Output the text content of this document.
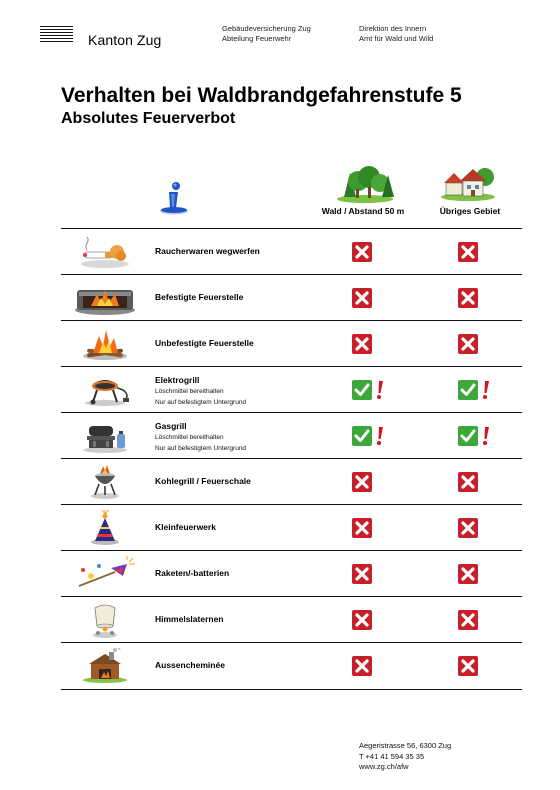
Kanton Zug
Gebäudeversicherung Zug
Abteilung Feuerwehr
Direktion des Innern
Amt für Wald und Wild
Verhalten bei Waldbrandgefahrenstufe 5
Absolutes Feuerverbot
Wald / Abstand 50 m	Übriges Gebiet
Raucherwaren wegwerfen
Befestigte Feuerstelle
Unbefestigte Feuerstelle
Elektrogrill
Löschmittel bereithalten
Nur auf befestigtem Untergrund
Gasgrill
Löschmittel bereithalten
Nur auf befestigtem Untergrund
Kohlegrill / Feuerschale
Kleinfeuerwerk
Raketen/-batterien
Himmelslaternen
Aussencheminée
Aegeristrasse 56, 6300 Zug
T +41 41 594 35 35
www.zg.ch/afw
